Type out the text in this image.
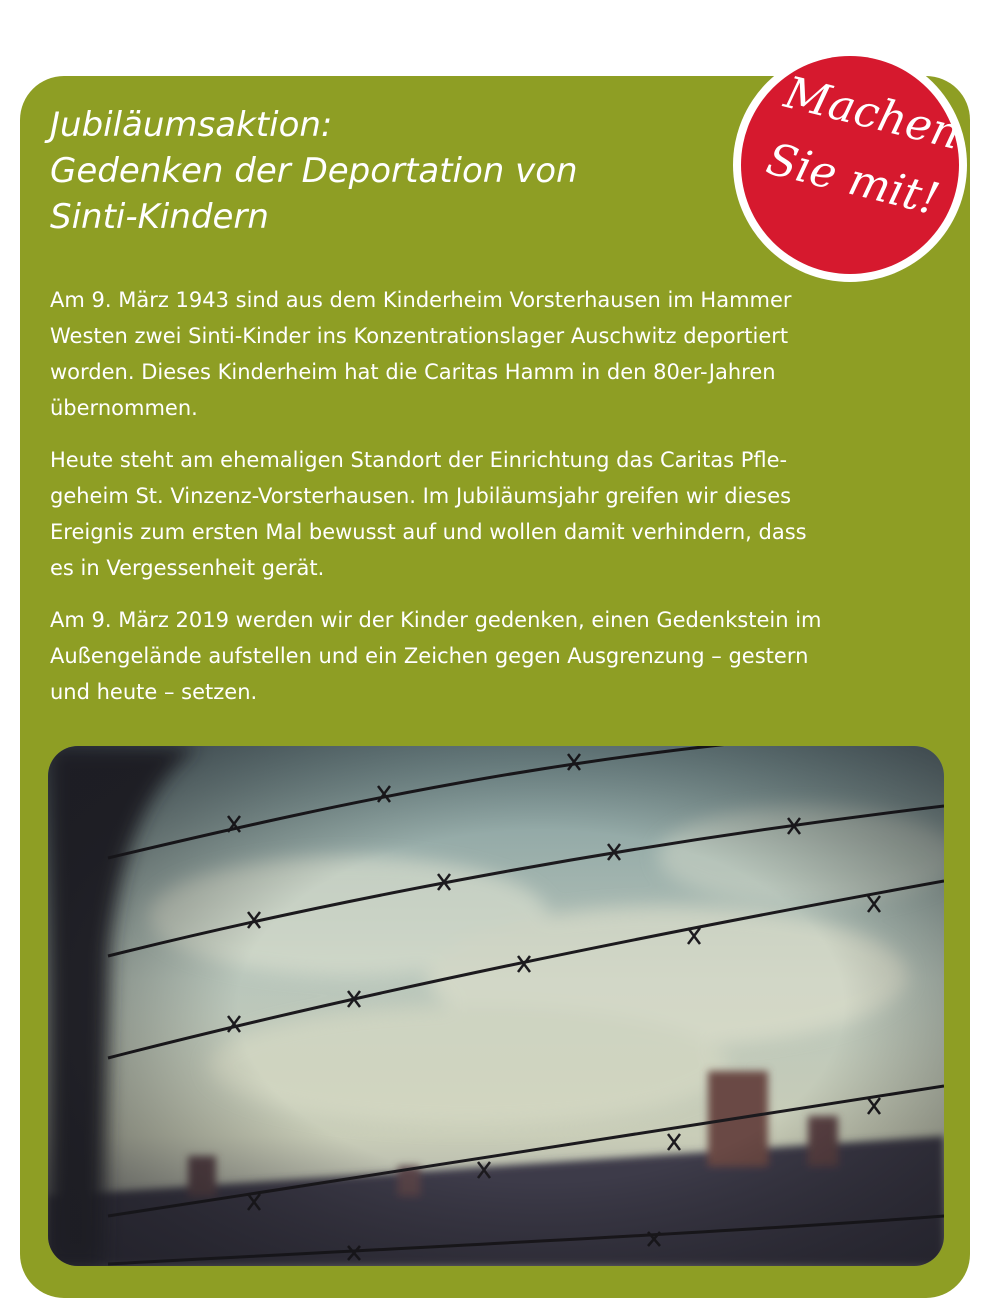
Jubiläumsaktion:
Gedenken der Deportation von
Sinti-Kindern
Machen
Sie mit!

Am 9. März 1943 sind aus dem Kinderheim Vorsterhausen im Hammer
Westen zwei Sinti-Kinder ins Konzentrationslager Auschwitz deportiert
worden. Dieses Kinderheim hat die Caritas Hamm in den 80er-Jahren
übernommen.

Heute steht am ehemaligen Standort der Einrichtung das Caritas Pfle-
geheim St. Vinzenz-Vorsterhausen. Im Jubiläumsjahr greifen wir dieses
Ereignis zum ersten Mal bewusst auf und wollen damit verhindern, dass
es in Vergessenheit gerät.

Am 9. März 2019 werden wir der Kinder gedenken, einen Gedenkstein im
Außengelände aufstellen und ein Zeichen gegen Ausgrenzung – gestern
und heute – setzen.
